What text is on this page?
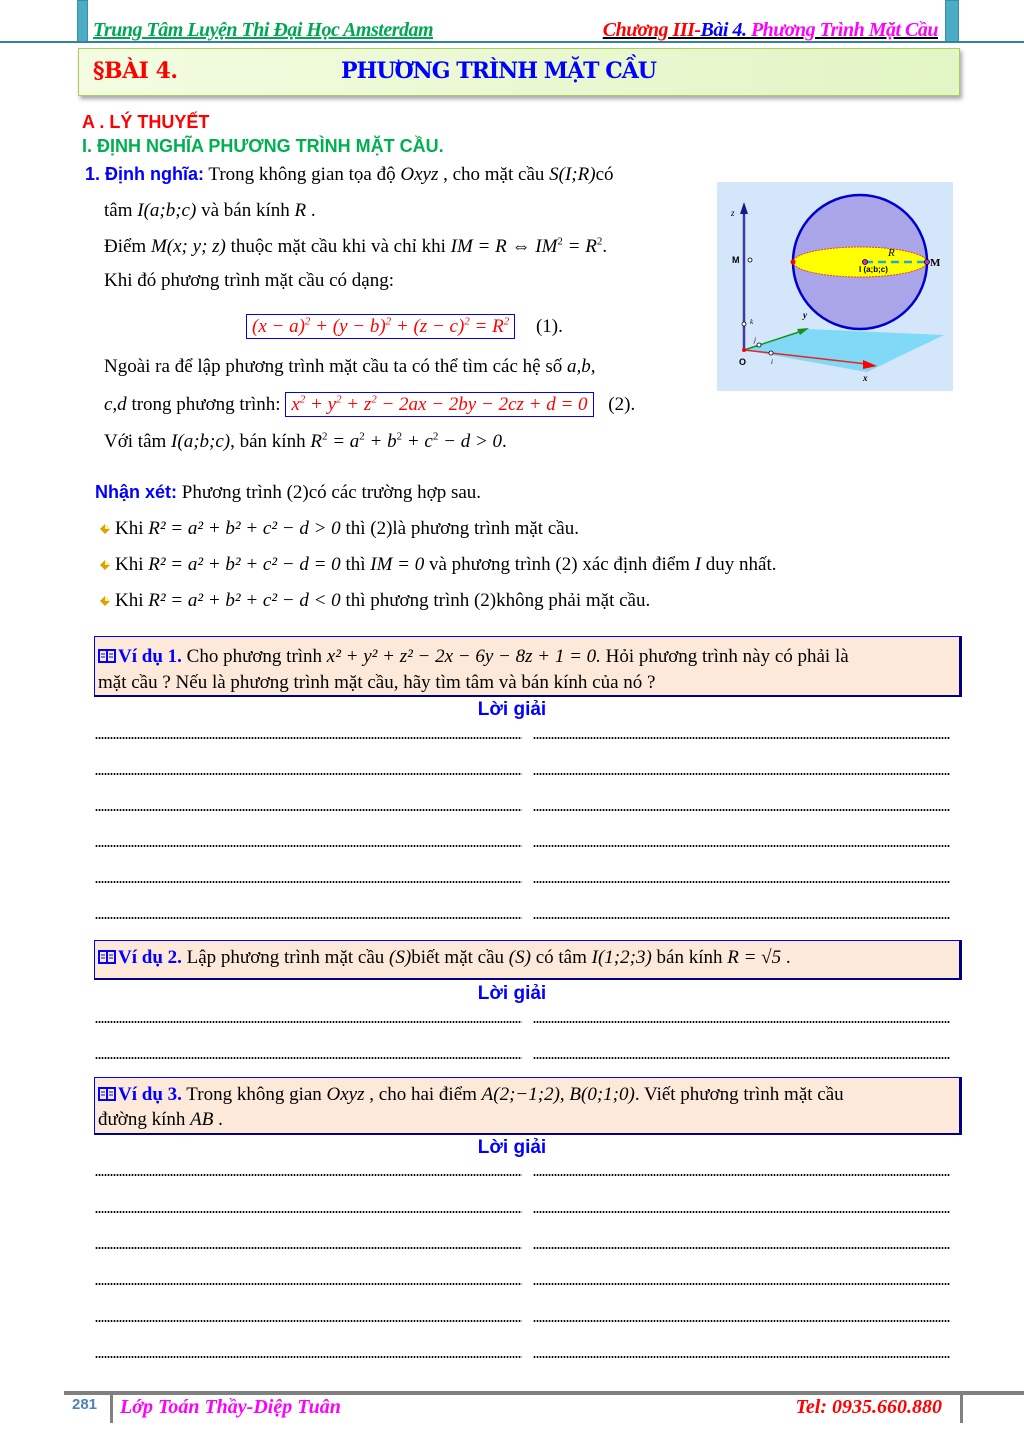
Trung Tâm Luyện Thi Đại Học Amsterdam	Chương III-Bài 4. Phương Trình Mặt Cầu
§BÀI 4.	PHƯƠNG TRÌNH MẶT CẦU
A . LÝ THUYẾT
I. ĐỊNH NGHĨA PHƯƠNG TRÌNH MẶT CẦU.
1. Định nghĩa: Trong không gian tọa độ Oxyz , cho mặt cầu S(I;R)có
tâm I(a;b;c) và bán kính R .
Điểm M(x; y; z) thuộc mặt cầu khi và chỉ khi IM = R ⇔ $IM^2 = R^2$.
Khi đó phương trình mặt cầu có dạng:
$(x - a)^2 + (y - b)^2 + (z - c)^2 = R^2$ (1).
Ngoài ra để lập phương trình mặt cầu ta có thể tìm các hệ số a,b,
c,d trong phương trình: $x^2 + y^2 + z^2 - 2ax - 2by - 2cz + d = 0$ (2).
Với tâm I(a;b;c), bán kính $R^2 = a^2 + b^2 + c^2 - d > 0$.
z
M
k
j
i
O
y
x
R
I (a;b;c)
M
Nhận xét: Phương trình (2)có các trường hợp sau.
Khi R² = a² + b² + c² − d > 0 thì (2)là phương trình mặt cầu.
Khi R² = a² + b² + c² − d = 0 thì IM = 0 và phương trình (2) xác định điểm I duy nhất.
Khi R² = a² + b² + c² − d < 0 thì phương trình (2)không phải mặt cầu.
Ví dụ 1. Cho phương trình x² + y² + z² − 2x − 6y − 8z + 1 = 0. Hỏi phương trình này có phải là
mặt cầu ? Nếu là phương trình mặt cầu, hãy tìm tâm và bán kính của nó ?
Lời giải
Ví dụ 2. Lập phương trình mặt cầu (S)biết mặt cầu (S) có tâm I(1;2;3) bán kính R = √5 .
Lời giải
Ví dụ 3. Trong không gian Oxyz , cho hai điểm A(2;−1;2), B(0;1;0). Viết phương trình mặt cầu
đường kính AB .
Lời giải
281 Lớp Toán Thầy-Diệp Tuân	Tel: 0935.660.880
